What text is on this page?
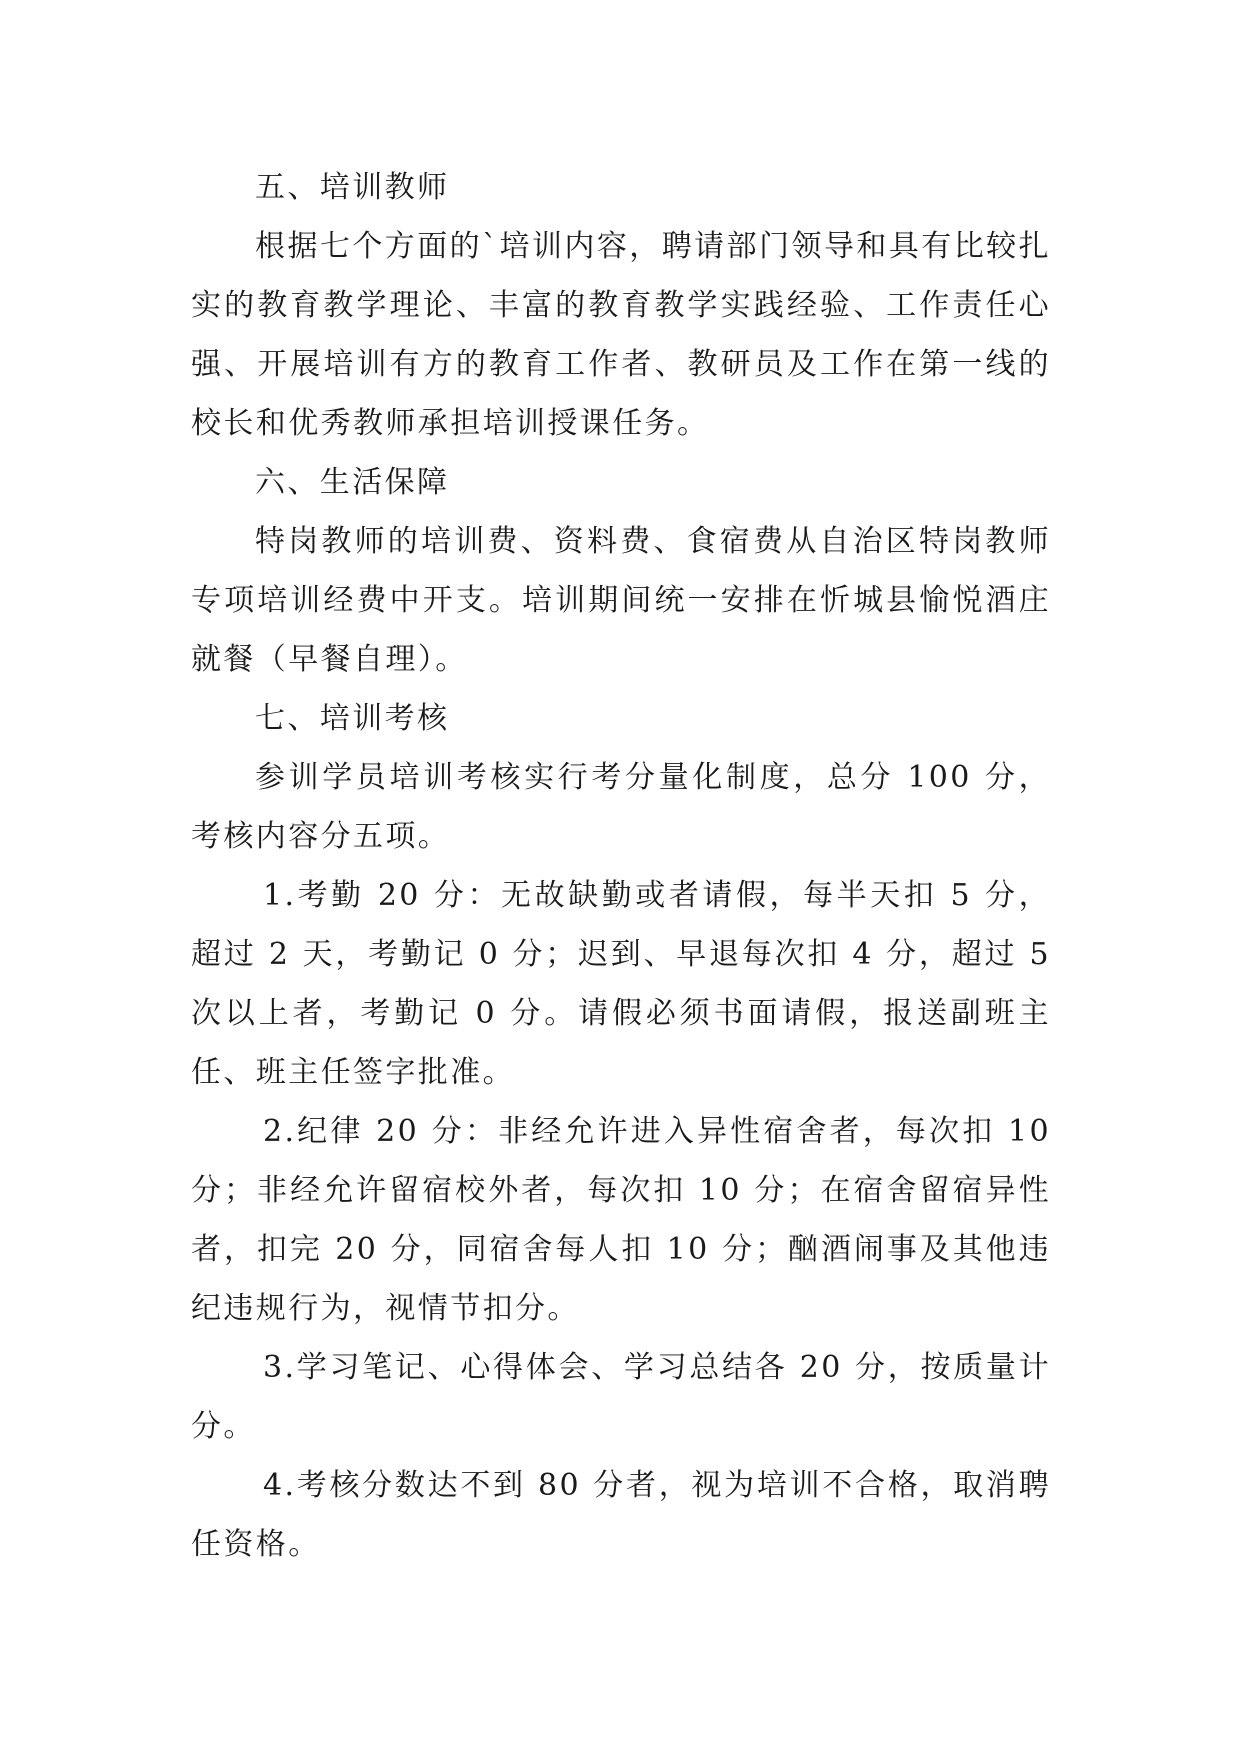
五、培训教师

根据七个方面的`培训内容，聘请部门领导和具有比较扎实的教育教学理论、丰富的教育教学实践经验、工作责任心强、开展培训有方的教育工作者、教研员及工作在第一线的校长和优秀教师承担培训授课任务。

六、生活保障

特岗教师的培训费、资料费、食宿费从自治区特岗教师专项培训经费中开支。培训期间统一安排在忻城县愉悦酒庄就餐（早餐自理）。

七、培训考核

参训学员培训考核实行考分量化制度，总分 100 分，考核内容分五项。

1.考勤 20 分：无故缺勤或者请假，每半天扣 5 分，超过 2 天，考勤记 0 分；迟到、早退每次扣 4 分，超过 5 次以上者，考勤记 0 分。请假必须书面请假，报送副班主任、班主任签字批准。

2.纪律 20 分：非经允许进入异性宿舍者，每次扣 10 分；非经允许留宿校外者，每次扣 10 分；在宿舍留宿异性者，扣完 20 分，同宿舍每人扣 10 分；酗酒闹事及其他违纪违规行为，视情节扣分。

3.学习笔记、心得体会、学习总结各 20 分，按质量计分。

4.考核分数达不到 80 分者，视为培训不合格，取消聘任资格。
